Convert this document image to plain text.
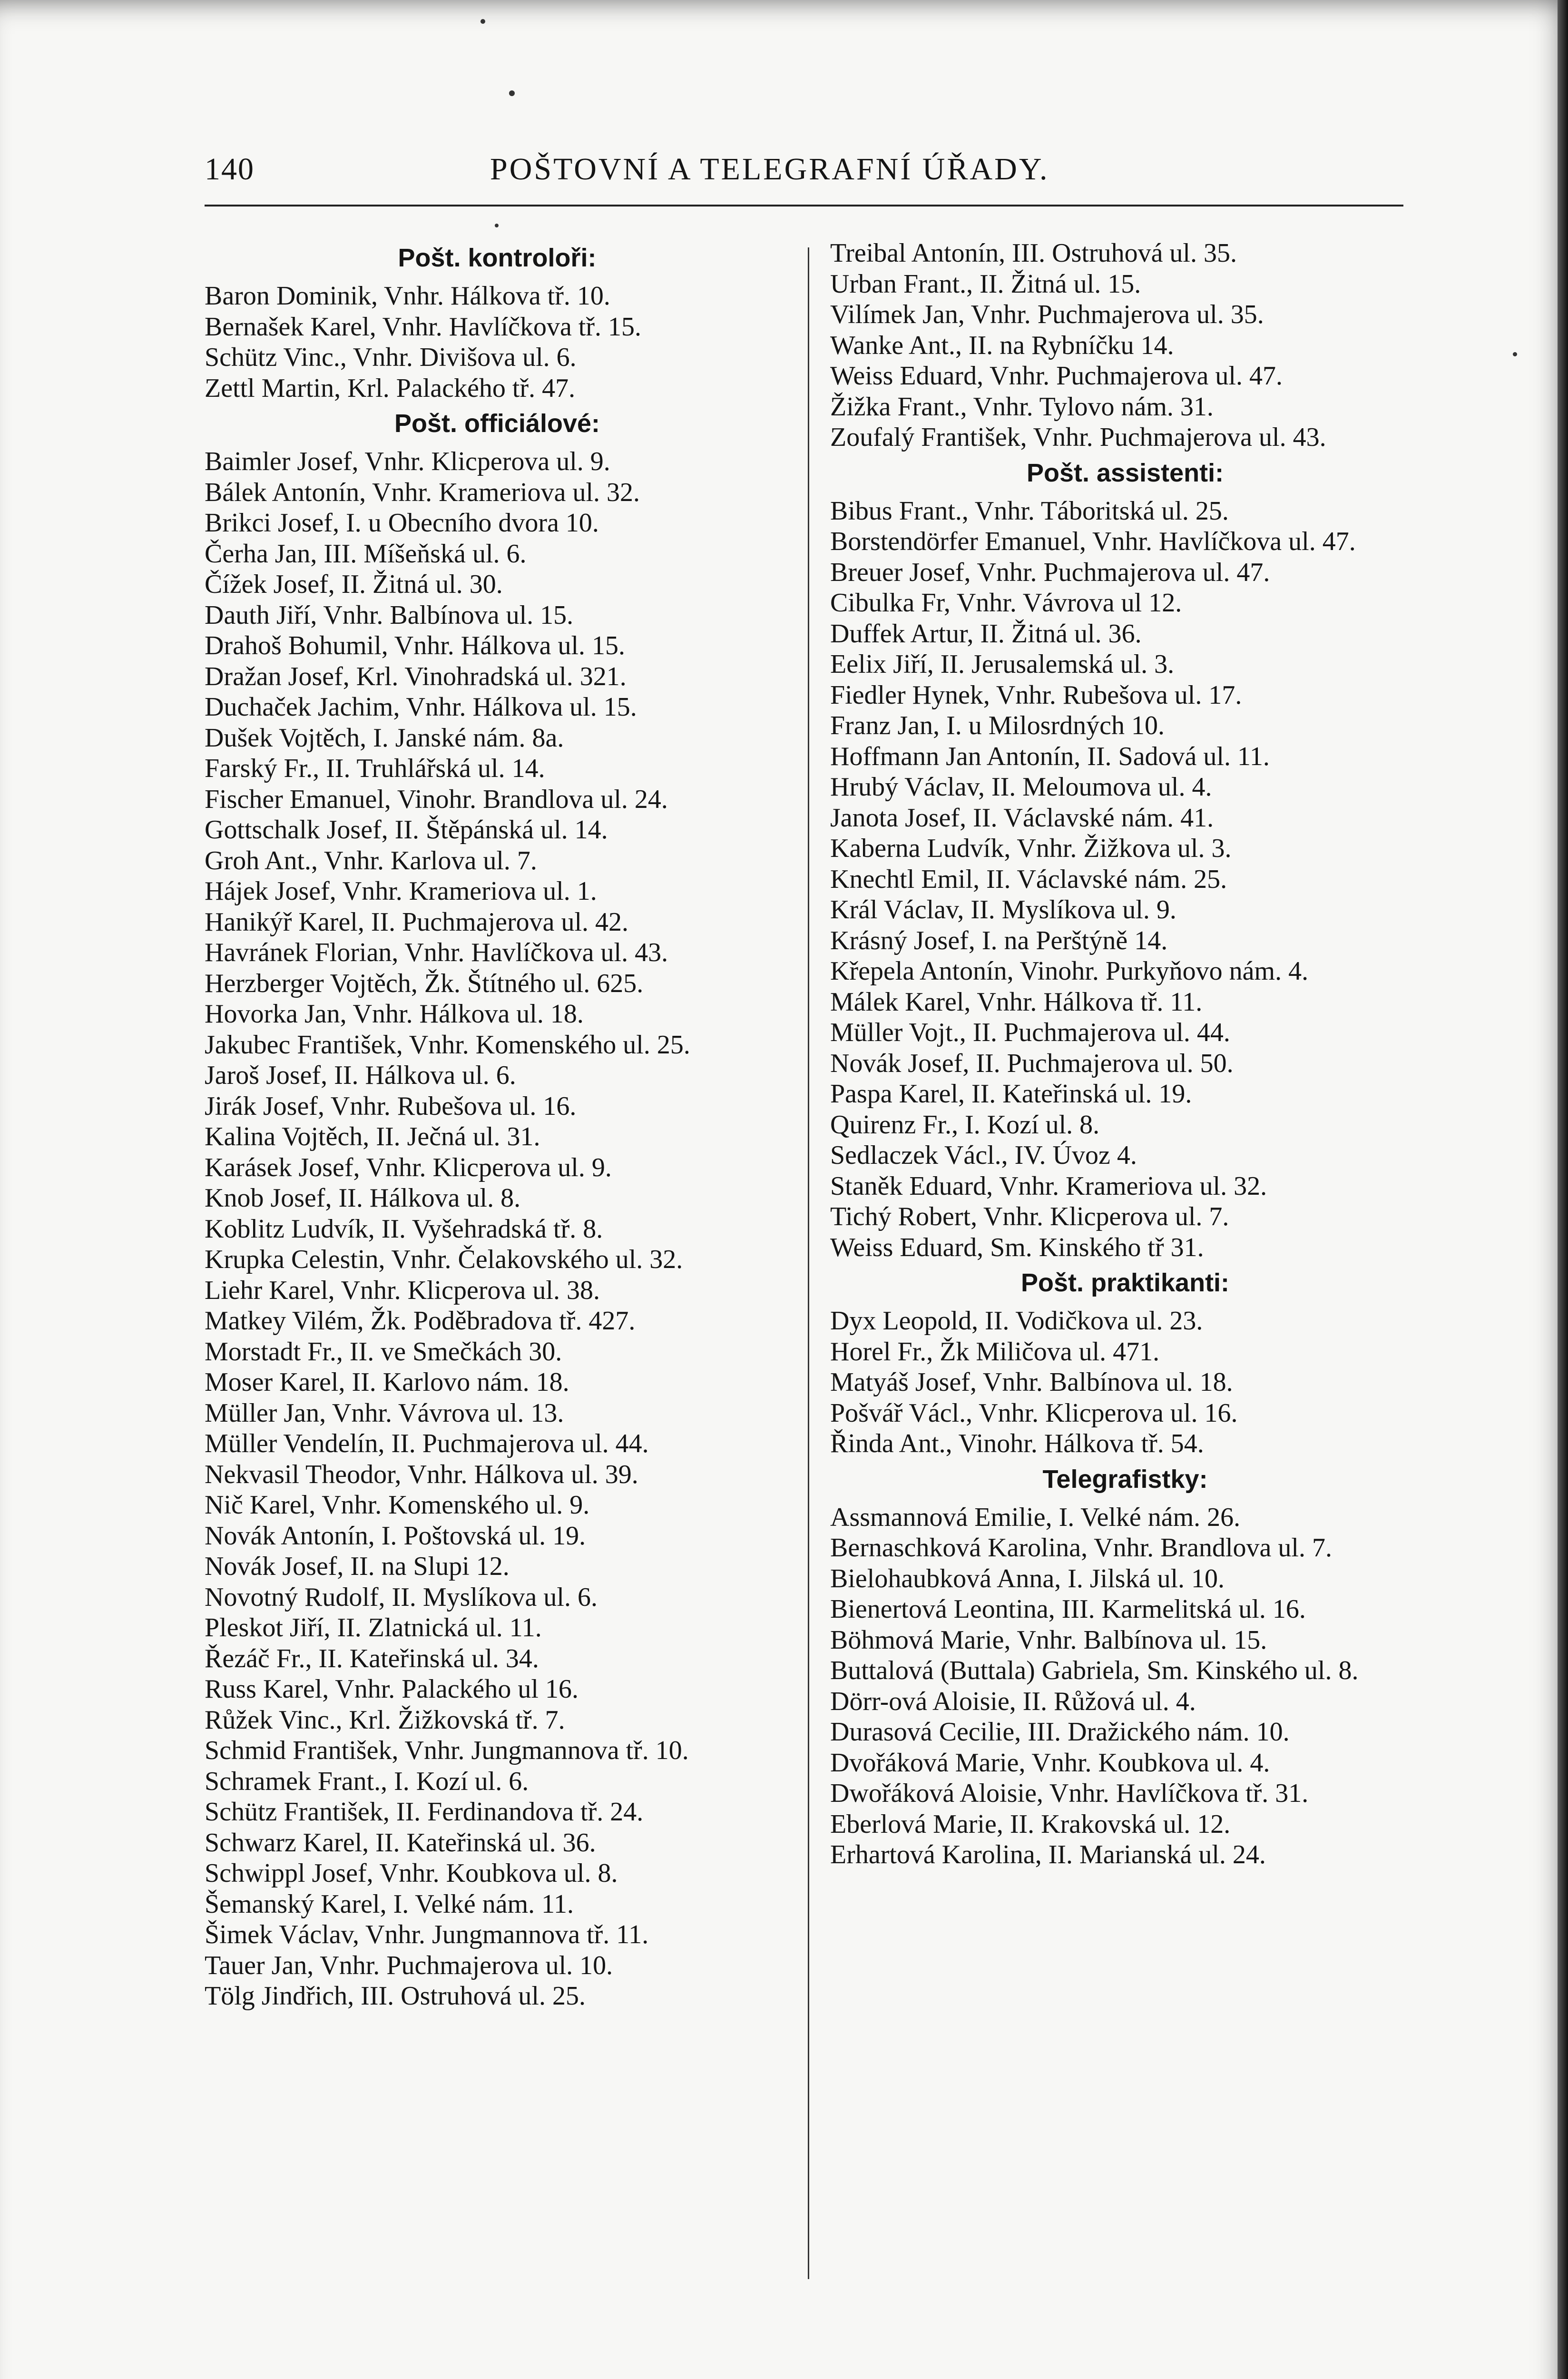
140	POŠTOVNÍ A TELEGRAFNÍ ÚŘADY.
Pošt. kontroloři:
Baron Dominik, Vnhr. Hálkova tř. 10.
Bernašek Karel, Vnhr. Havlíčkova tř. 15.
Schütz Vinc., Vnhr. Divišova ul. 6.
Zettl Martin, Krl. Palackého tř. 47.
Pošt. officiálové:
Baimler Josef, Vnhr. Klicperova ul. 9.
Bálek Antonín, Vnhr. Krameriova ul. 32.
Brikci Josef, I. u Obecního dvora 10.
Čerha Jan, III. Míšeňská ul. 6.
Čížek Josef, II. Žitná ul. 30.
Dauth Jiří, Vnhr. Balbínova ul. 15.
Drahoš Bohumil, Vnhr. Hálkova ul. 15.
Dražan Josef, Krl. Vinohradská ul. 321.
Duchaček Jachim, Vnhr. Hálkova ul. 15.
Dušek Vojtěch, I. Janské nám. 8a.
Farský Fr., II. Truhlářská ul. 14.
Fischer Emanuel, Vinohr. Brandlova ul. 24.
Gottschalk Josef, II. Štěpánská ul. 14.
Groh Ant., Vnhr. Karlova ul. 7.
Hájek Josef, Vnhr. Krameriova ul. 1.
Hanikýř Karel, II. Puchmajerova ul. 42.
Havránek Florian, Vnhr. Havlíčkova ul. 43.
Herzberger Vojtěch, Žk. Štítného ul. 625.
Hovorka Jan, Vnhr. Hálkova ul. 18.
Jakubec František, Vnhr. Komenského ul. 25.
Jaroš Josef, II. Hálkova ul. 6.
Jirák Josef, Vnhr. Rubešova ul. 16.
Kalina Vojtěch, II. Ječná ul. 31.
Karásek Josef, Vnhr. Klicperova ul. 9.
Knob Josef, II. Hálkova ul. 8.
Koblitz Ludvík, II. Vyšehradská tř. 8.
Krupka Celestin, Vnhr. Čelakovského ul. 32.
Liehr Karel, Vnhr. Klicperova ul. 38.
Matkey Vilém, Žk. Poděbradova tř. 427.
Morstadt Fr., II. ve Smečkách 30.
Moser Karel, II. Karlovo nám. 18.
Müller Jan, Vnhr. Vávrova ul. 13.
Müller Vendelín, II. Puchmajerova ul. 44.
Nekvasil Theodor, Vnhr. Hálkova ul. 39.
Nič Karel, Vnhr. Komenského ul. 9.
Novák Antonín, I. Poštovská ul. 19.
Novák Josef, II. na Slupi 12.
Novotný Rudolf, II. Myslíkova ul. 6.
Pleskot Jiří, II. Zlatnická ul. 11.
Řezáč Fr., II. Kateřinská ul. 34.
Russ Karel, Vnhr. Palackého ul 16.
Růžek Vinc., Krl. Žižkovská tř. 7.
Schmid František, Vnhr. Jungmannova tř. 10.
Schramek Frant., I. Kozí ul. 6.
Schütz František, II. Ferdinandova tř. 24.
Schwarz Karel, II. Kateřinská ul. 36.
Schwippl Josef, Vnhr. Koubkova ul. 8.
Šemanský Karel, I. Velké nám. 11.
Šimek Václav, Vnhr. Jungmannova tř. 11.
Tauer Jan, Vnhr. Puchmajerova ul. 10.
Tölg Jindřich, III. Ostruhová ul. 25.
Treibal Antonín, III. Ostruhová ul. 35.
Urban Frant., II. Žitná ul. 15.
Vilímek Jan, Vnhr. Puchmajerova ul. 35.
Wanke Ant., II. na Rybníčku 14.
Weiss Eduard, Vnhr. Puchmajerova ul. 47.
Žižka Frant., Vnhr. Tylovo nám. 31.
Zoufalý František, Vnhr. Puchmajerova ul. 43.
Pošt. assistenti:
Bibus Frant., Vnhr. Táboritská ul. 25.
Borstendörfer Emanuel, Vnhr. Havlíčkova ul. 47.
Breuer Josef, Vnhr. Puchmajerova ul. 47.
Cibulka Fr, Vnhr. Vávrova ul 12.
Duffek Artur, II. Žitná ul. 36.
Eelix Jiří, II. Jerusalemská ul. 3.
Fiedler Hynek, Vnhr. Rubešova ul. 17.
Franz Jan, I. u Milosrdných 10.
Hoffmann Jan Antonín, II. Sadová ul. 11.
Hrubý Václav, II. Meloumova ul. 4.
Janota Josef, II. Václavské nám. 41.
Kaberna Ludvík, Vnhr. Žižkova ul. 3.
Knechtl Emil, II. Václavské nám. 25.
Král Václav, II. Myslíkova ul. 9.
Krásný Josef, I. na Perštýně 14.
Křepela Antonín, Vinohr. Purkyňovo nám. 4.
Málek Karel, Vnhr. Hálkova tř. 11.
Müller Vojt., II. Puchmajerova ul. 44.
Novák Josef, II. Puchmajerova ul. 50.
Paspa Karel, II. Kateřinská ul. 19.
Quirenz Fr., I. Kozí ul. 8.
Sedlaczek Václ., IV. Úvoz 4.
Staněk Eduard, Vnhr. Krameriova ul. 32.
Tichý Robert, Vnhr. Klicperova ul. 7.
Weiss Eduard, Sm. Kinského tř 31.
Pošt. praktikanti:
Dyx Leopold, II. Vodičkova ul. 23.
Horel Fr., Žk Miličova ul. 471.
Matyáš Josef, Vnhr. Balbínova ul. 18.
Pošvář Václ., Vnhr. Klicperova ul. 16.
Řinda Ant., Vinohr. Hálkova tř. 54.
Telegrafistky:
Assmannová Emilie, I. Velké nám. 26.
Bernaschková Karolina, Vnhr. Brandlova ul. 7.
Bielohaubková Anna, I. Jilská ul. 10.
Bienertová Leontina, III. Karmelitská ul. 16.
Böhmová Marie, Vnhr. Balbínova ul. 15.
Buttalová (Buttala) Gabriela, Sm. Kinského ul. 8.
Dörr-ová Aloisie, II. Růžová ul. 4.
Durasová Cecilie, III. Dražického nám. 10.
Dvořáková Marie, Vnhr. Koubkova ul. 4.
Dwořáková Aloisie, Vnhr. Havlíčkova tř. 31.
Eberlová Marie, II. Krakovská ul. 12.
Erhartová Karolina, II. Marianská ul. 24.
